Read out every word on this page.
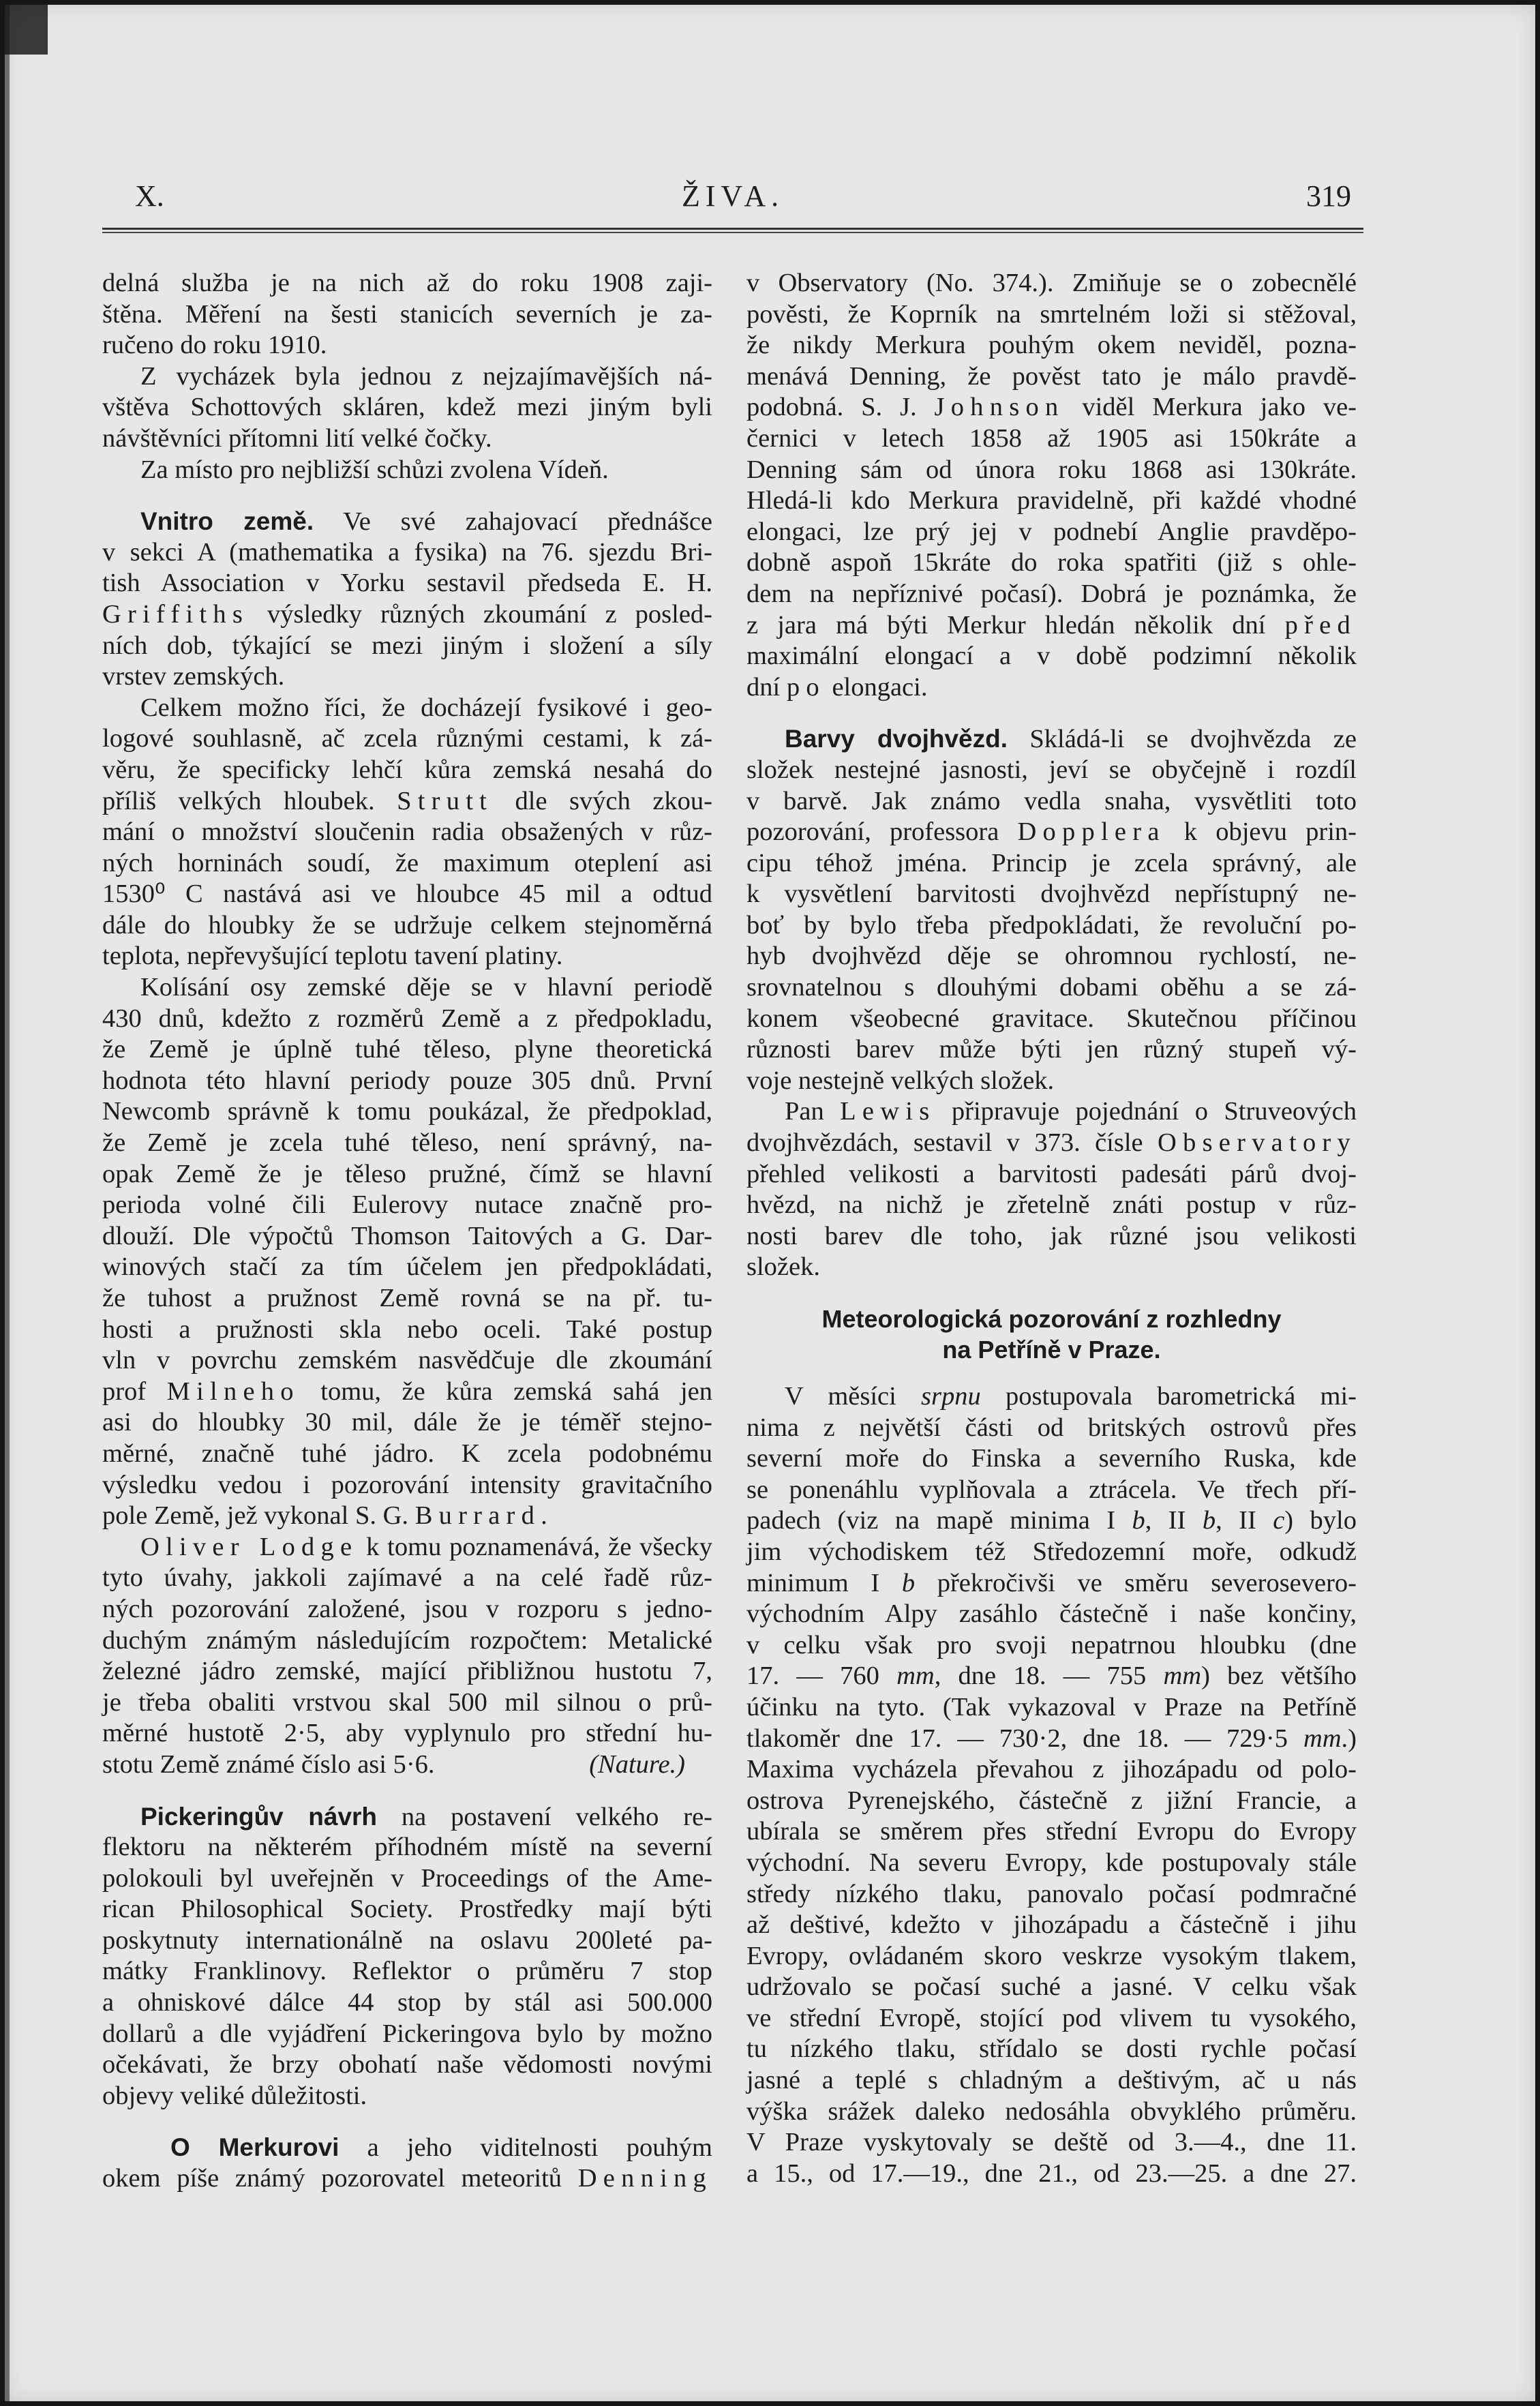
X.	ŽIVA.	319
delná služba je na nich až do roku 1908 zaji-
štěna. Měření na šesti stanicích severních je za-
ručeno do roku 1910.
Z vycházek byla jednou z nejzajímavějších ná-
vštěva Schottových skláren, kdež mezi jiným byli
návštěvníci přítomni lití velké čočky.
Za místo pro nejbližší schůzi zvolena Vídeň.
Vnitro země. Ve své zahajovací přednášce
v sekci A (mathematika a fysika) na 76. sjezdu Bri-
tish Association v Yorku sestavil předseda E. H.
Griffiths výsledky různých zkoumání z posled-
ních dob, týkající se mezi jiným i složení a síly
vrstev zemských.
Celkem možno říci, že docházejí fysikové i geo-
logové souhlasně, ač zcela různými cestami, k zá-
věru, že specificky lehčí kůra zemská nesahá do
příliš velkých hloubek. Strutt dle svých zkou-
mání o množství sloučenin radia obsažených v růz-
ných horninách soudí, že maximum oteplení asi
1530⁰ C nastává asi ve hloubce 45 mil a odtud
dále do hloubky že se udržuje celkem stejnoměrná
teplota, nepřevyšující teplotu tavení platiny.
Kolísání osy zemské děje se v hlavní periodě
430 dnů, kdežto z rozměrů Země a z předpokladu,
že Země je úplně tuhé těleso, plyne theoretická
hodnota této hlavní periody pouze 305 dnů. První
Newcomb správně k tomu poukázal, že předpoklad,
že Země je zcela tuhé těleso, není správný, na-
opak Země že je těleso pružné, čímž se hlavní
perioda volné čili Eulerovy nutace značně pro-
dlouží. Dle výpočtů Thomson Taitových a G. Dar-
winových stačí za tím účelem jen předpokládati,
že tuhost a pružnost Země rovná se na př. tu-
hosti a pružnosti skla nebo oceli. Také postup
vln v povrchu zemském nasvědčuje dle zkoumání
prof Milneho tomu, že kůra zemská sahá jen
asi do hloubky 30 mil, dále že je téměř stejno-
měrné, značně tuhé jádro. K zcela podobnému
výsledku vedou i pozorování intensity gravitačního
pole Země, jež vykonal S. G. Burrard.
Oliver Lodge k tomu poznamenává, že všecky
tyto úvahy, jakkoli zajímavé a na celé řadě růz-
ných pozorování založené, jsou v rozporu s jedno-
duchým známým následujícím rozpočtem: Metalické
železné jádro zemské, mající přibližnou hustotu 7,
je třeba obaliti vrstvou skal 500 mil silnou o prů-
měrné hustotě 2·5, aby vyplynulo pro střední hu-
(Nature.)
stotu Země známé číslo asi 5·6.
Pickeringův návrh na postavení velkého re-
flektoru na některém příhodném místě na severní
polokouli byl uveřejněn v Proceedings of the Ame-
rican Philosophical Society. Prostředky mají býti
poskytnuty internationálně na oslavu 200leté pa-
mátky Franklinovy. Reflektor o průměru 7 stop
a ohniskové dálce 44 stop by stál asi 500.000
dollarů a dle vyjádření Pickeringova bylo by možno
očekávati, že brzy obohatí naše vědomosti novými
objevy veliké důležitosti.
O Merkurovi a jeho viditelnosti pouhým
okem píše známý pozorovatel meteoritů Denning
v Observatory (No. 374.). Zmiňuje se o zobecnělé
pověsti, že Koprník na smrtelném loži si stěžoval,
že nikdy Merkura pouhým okem neviděl, pozna-
menává Denning, že pověst tato je málo pravdě-
podobná. S. J. Johnson viděl Merkura jako ve-
černici v letech 1858 až 1905 asi 150kráte a
Denning sám od února roku 1868 asi 130kráte.
Hledá-li kdo Merkura pravidelně, při každé vhodné
elongaci, lze prý jej v podnebí Anglie pravděpo-
dobně aspoň 15kráte do roka spatřiti (již s ohle-
dem na nepříznivé počasí). Dobrá je poznámka, že
z jara má býti Merkur hledán několik dní před
maximální elongací a v době podzimní několik
dní po elongaci.
Barvy dvojhvězd. Skládá-li se dvojhvězda ze
složek nestejné jasnosti, jeví se obyčejně i rozdíl
v barvě. Jak známo vedla snaha, vysvětliti toto
pozorování, professora Dopplera k objevu prin-
cipu téhož jména. Princip je zcela správný, ale
k vysvětlení barvitosti dvojhvězd nepřístupný ne-
boť by bylo třeba předpokládati, že revoluční po-
hyb dvojhvězd děje se ohromnou rychlostí, ne-
srovnatelnou s dlouhými dobami oběhu a se zá-
konem všeobecné gravitace. Skutečnou příčinou
různosti barev může býti jen různý stupeň vý-
voje nestejně velkých složek.
Pan Lewis připravuje pojednání o Struveových
dvojhvězdách, sestavil v 373. čísle Observatory
přehled velikosti a barvitosti padesáti párů dvoj-
hvězd, na nichž je zřetelně znáti postup v růz-
nosti barev dle toho, jak různé jsou velikosti
složek.
Meteorologická pozorování z rozhledny
na Petříně v Praze.
V měsíci srpnu postupovala barometrická mi-
nima z největší části od britských ostrovů přes
severní moře do Finska a severního Ruska, kde
se ponenáhlu vyplňovala a ztrácela. Ve třech pří-
padech (viz na mapě minima I b, II b, II c) bylo
jim východiskem též Středozemní moře, odkudž
minimum I b překročivši ve směru severosevero-
východním Alpy zasáhlo částečně i naše končiny,
v celku však pro svoji nepatrnou hloubku (dne
17. — 760 mm, dne 18. — 755 mm) bez většího
účinku na tyto. (Tak vykazoval v Praze na Petříně
tlakoměr dne 17. — 730·2, dne 18. — 729·5 mm.)
Maxima vycházela převahou z jihozápadu od polo-
ostrova Pyrenejského, částečně z jižní Francie, a
ubírala se směrem přes střední Evropu do Evropy
východní. Na severu Evropy, kde postupovaly stále
středy nízkého tlaku, panovalo počasí podmračné
až deštivé, kdežto v jihozápadu a částečně i jihu
Evropy, ovládaném skoro veskrze vysokým tlakem,
udržovalo se počasí suché a jasné. V celku však
ve střední Evropě, stojící pod vlivem tu vysokého,
tu nízkého tlaku, střídalo se dosti rychle počasí
jasné a teplé s chladným a deštivým, ač u nás
výška srážek daleko nedosáhla obvyklého průměru.
V Praze vyskytovaly se deště od 3.—4., dne 11.
a 15., od 17.—19., dne 21., od 23.—25. a dne 27.
